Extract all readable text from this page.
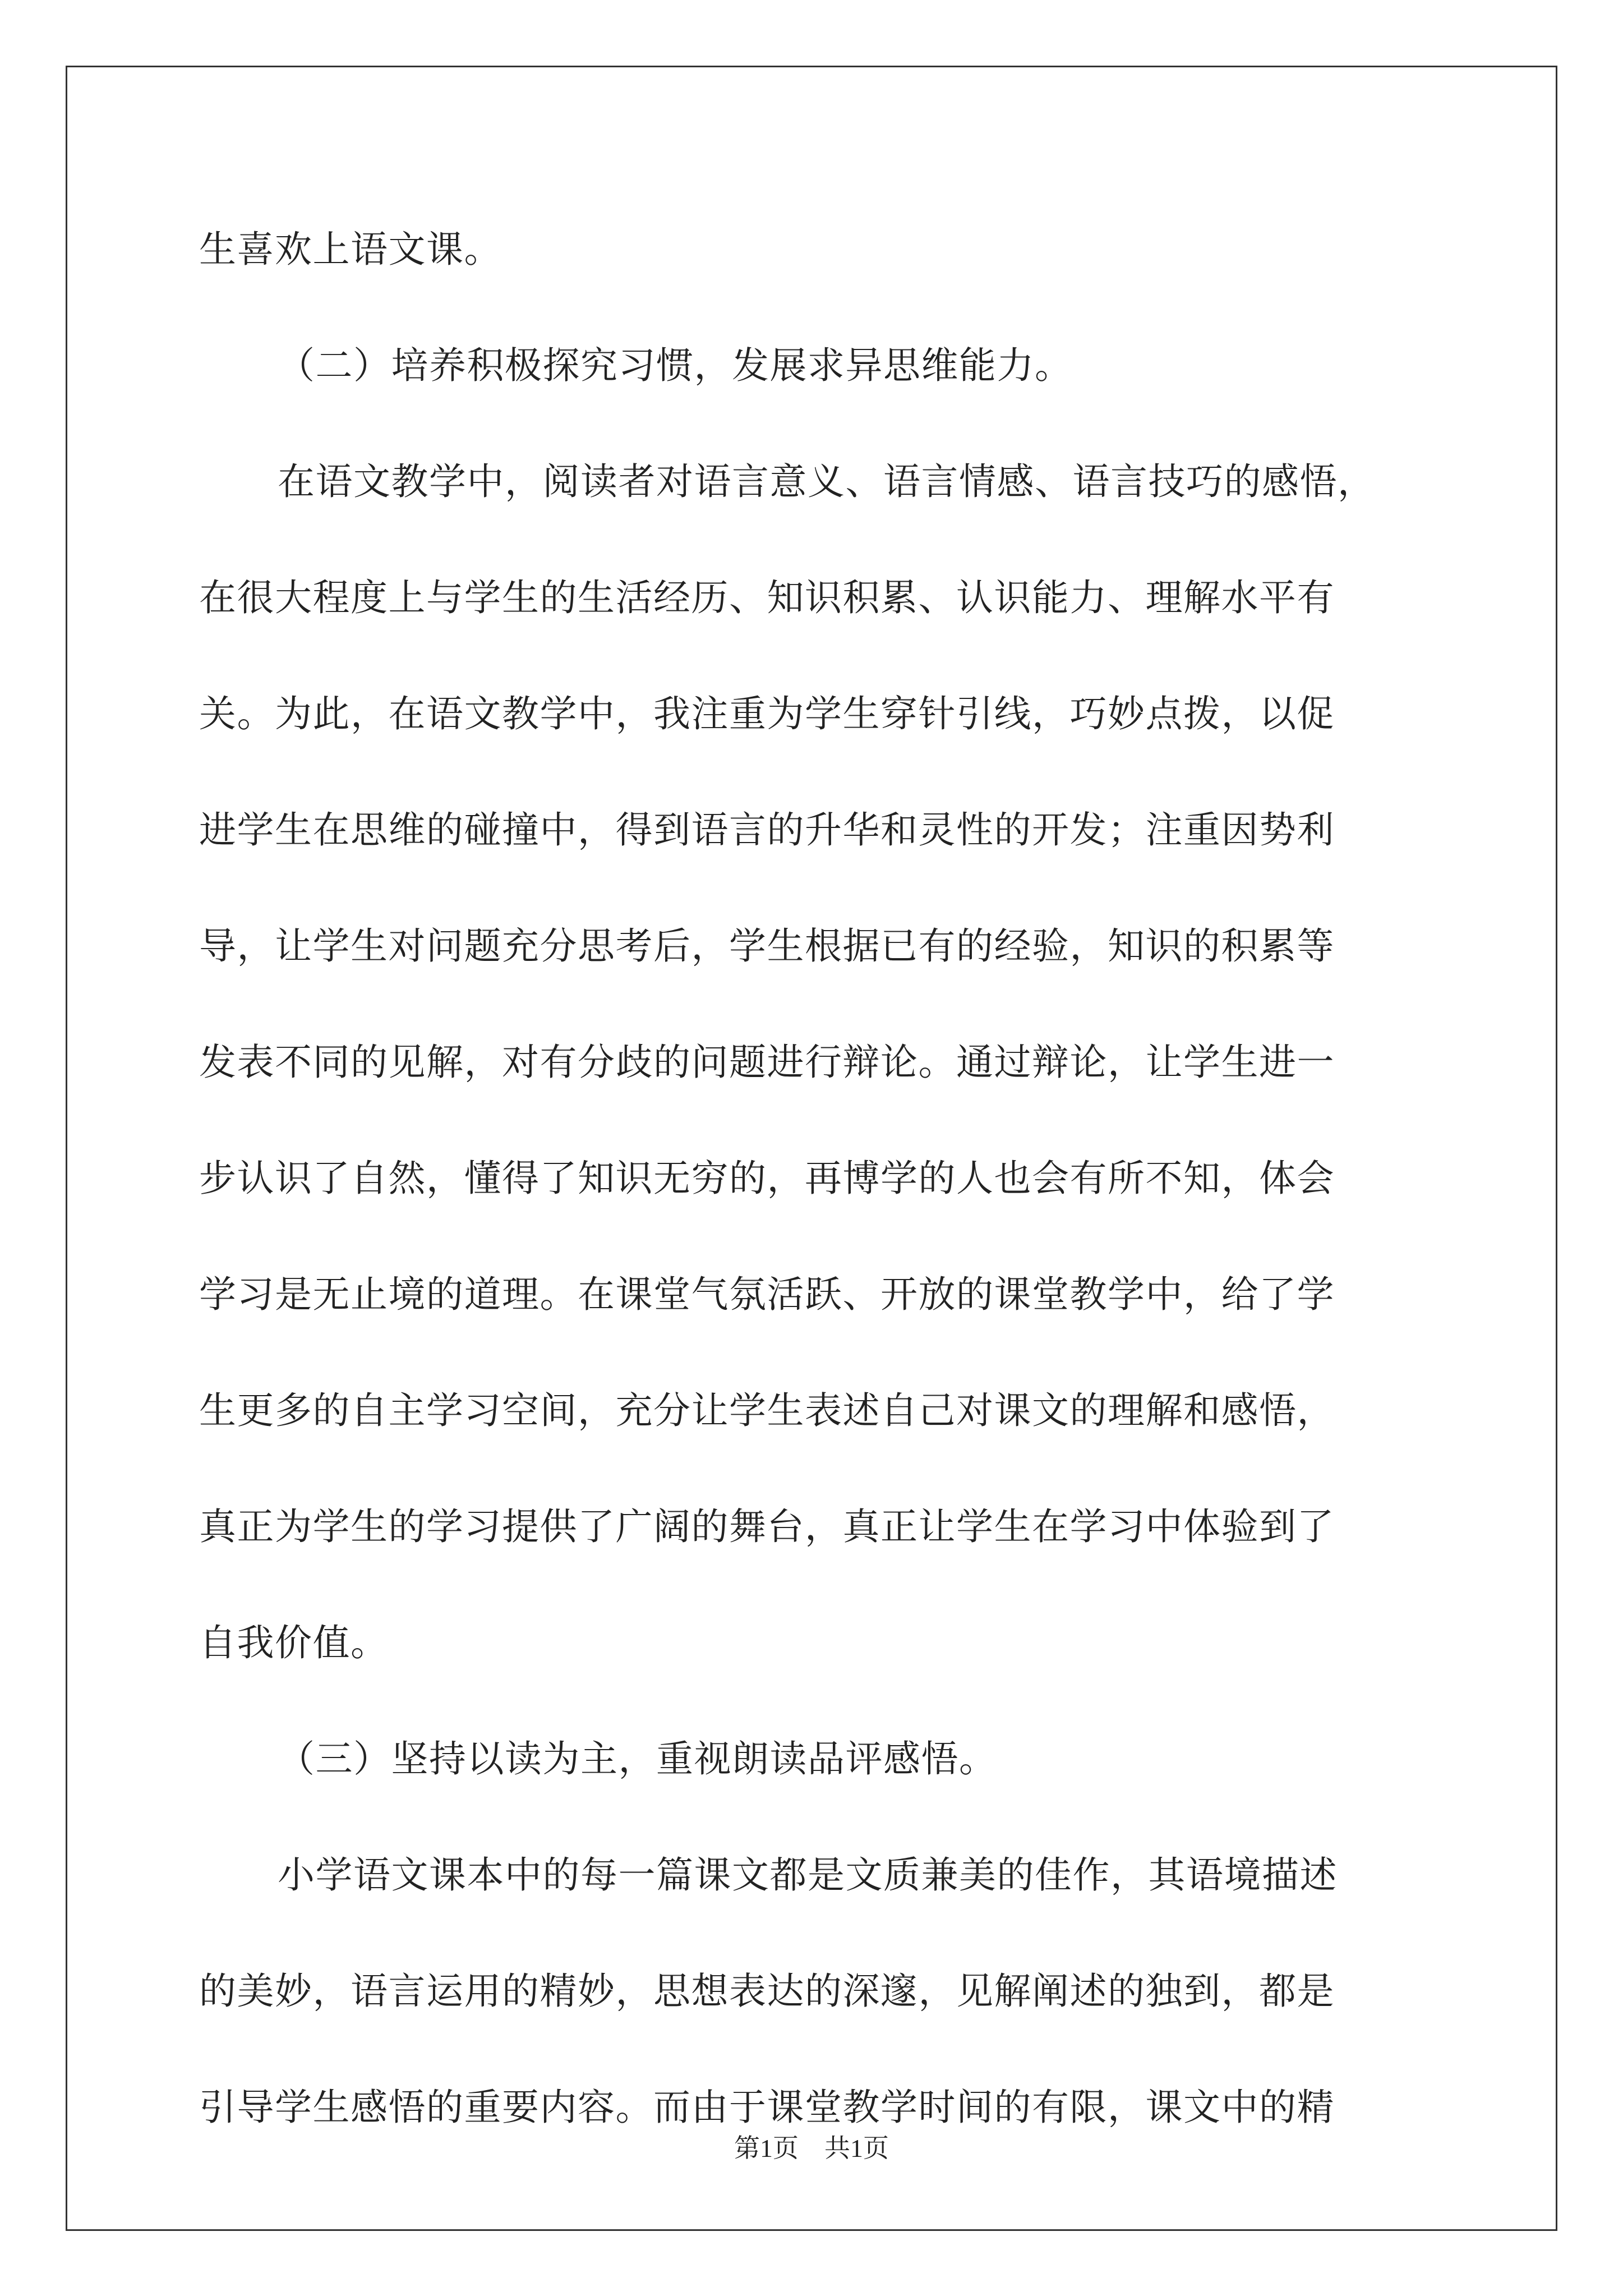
生喜欢上语文课。
（二）培养积极探究习惯，发展求异思维能力。
在语文教学中，阅读者对语言意义、语言情感、语言技巧的感悟，
在很大程度上与学生的生活经历、知识积累、认识能力、理解水平有
关。为此，在语文教学中，我注重为学生穿针引线，巧妙点拨，以促
进学生在思维的碰撞中，得到语言的升华和灵性的开发；注重因势利
导，让学生对问题充分思考后，学生根据已有的经验，知识的积累等
发表不同的见解，对有分歧的问题进行辩论。通过辩论，让学生进一
步认识了自然，懂得了知识无穷的，再博学的人也会有所不知，体会
学习是无止境的道理。在课堂气氛活跃、开放的课堂教学中，给了学
生更多的自主学习空间，充分让学生表述自己对课文的理解和感悟，
真正为学生的学习提供了广阔的舞台，真正让学生在学习中体验到了
自我价值。
（三）坚持以读为主，重视朗读品评感悟。
小学语文课本中的每一篇课文都是文质兼美的佳作，其语境描述
的美妙，语言运用的精妙，思想表达的深邃，见解阐述的独到，都是
引导学生感悟的重要内容。而由于课堂教学时间的有限，课文中的精
第1页　共1页
